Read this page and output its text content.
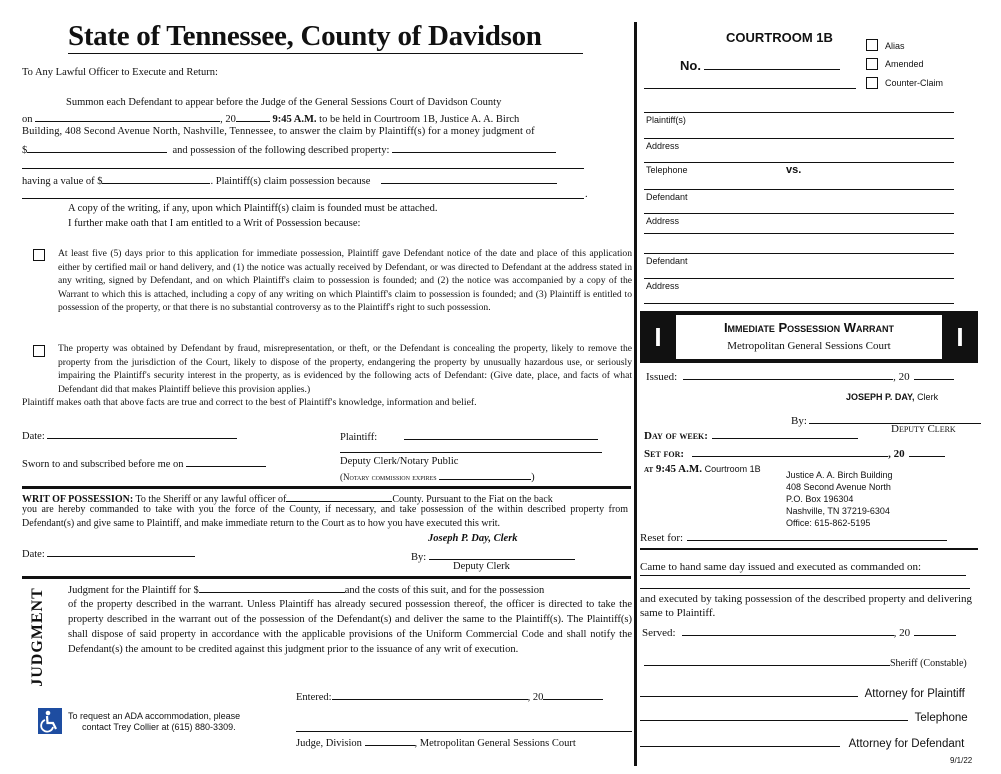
State of Tennessee, County of Davidson
To Any Lawful Officer to Execute and Return:
Summon each Defendant to appear before the Judge of the General Sessions Court of Davidson County
on	, 20	9:45 A.M. to be held in Courtroom 1B, Justice A. A. Birch
Building, 408 Second Avenue North, Nashville, Tennessee, to answer the claim by Plaintiff(s) for a money judgment of
$	and possession of the following described property:
having a value of $	. Plaintiff(s) claim possession because
.
A copy of the writing, if any, upon which Plaintiff(s) claim is founded must be attached.
I further make oath that I am entitled to a Writ of Possession because:
At least five (5) days prior to this application for immediate possession, Plaintiff gave Defendant notice of the date and place of this application either by certified mail or hand delivery, and (1) the notice was actually received by Defendant, or was directed to Defendant at the address stated in any writing, signed by Defendant, and on which Plaintiff's claim to possession is founded; and (2) the notice was accompanied by a copy of the Warrant to which this is attached, including a copy of any writing on which Plaintiff's claim to possession is founded; and (3) Plaintiff is entitled to possession of the property, or that there is no substantial controversy as to the Plaintiff's right to such possession.
The property was obtained by Defendant by fraud, misrepresentation, or theft, or the Defendant is concealing the property, likely to remove the property from the jurisdiction of the Court, likely to dispose of the property, endangering the property by unusually hazardous use, or seriously impairing the Plaintiff's security interest in the property, as is evidenced by the following acts of Defendant: (Give date, place, and facts of what Defendant did that makes Plaintiff believe this provision applies.)
Plaintiff makes oath that above facts are true and correct to the best of Plaintiff's knowledge, information and belief.
Date:	Plaintiff:
Sworn to and subscribed before me on	Deputy Clerk/Notary Public
(Notary commission expires	)
WRIT OF POSSESSION: To the Sheriff or any lawful officer of	County. Pursuant to the Fiat on the back
you are hereby commanded to take with you the force of the County, if necessary, and take possession of the within described property from Defendant(s) and give same to Plaintiff, and make immediate return to the Court as to how you have executed this writ.
Joseph P. Day, Clerk
Date:	By:
Deputy Clerk
JUDGMENT Judgment for the Plaintiff for $	and the costs of this suit, and for the possession
of the property described in the warrant. Unless Plaintiff has already secured possession thereof, the officer is directed to take the property described in the warrant out of the possession of the Defendant(s) and deliver the same to the Plaintiff(s). The Plaintiff(s) shall dispose of said property in accordance with the applicable provisions of the Uniform Commercial Code and shall notify the Defendant(s) the amount to be credited against this judgment prior to the issuance of any writ of execution.
Entered:	, 20
To request an ADA accommodation, please
contact Trey Collier at (615) 880-3309.
Judge, Division	, Metropolitan General Sessions Court
COURTROOM 1B
Alias
Amended
Counter-Claim
No.
Plaintiff(s)
Address
Telephone	vs.
Defendant
Address
Defendant
Address
I	I
Immediate Possession Warrant
Metropolitan General Sessions Court
Issued:	, 20
JOSEPH P. DAY, Clerk
By:
Deputy Clerk
Day of week:
Set for:	, 20
at 9:45 A.M. Courtroom 1B
Justice A. A. Birch Building
408 Second Avenue North
P.O. Box 196304
Nashville, TN 37219-6304
Office: 615-862-5195
Reset for:
Came to hand same day issued and executed as commanded on:
and executed by taking possession of the described property and delivering same to Plaintiff.
Served:	, 20
Sheriff (Constable)
Attorney for Plaintiff
Telephone
Attorney for Defendant
9/1/22
